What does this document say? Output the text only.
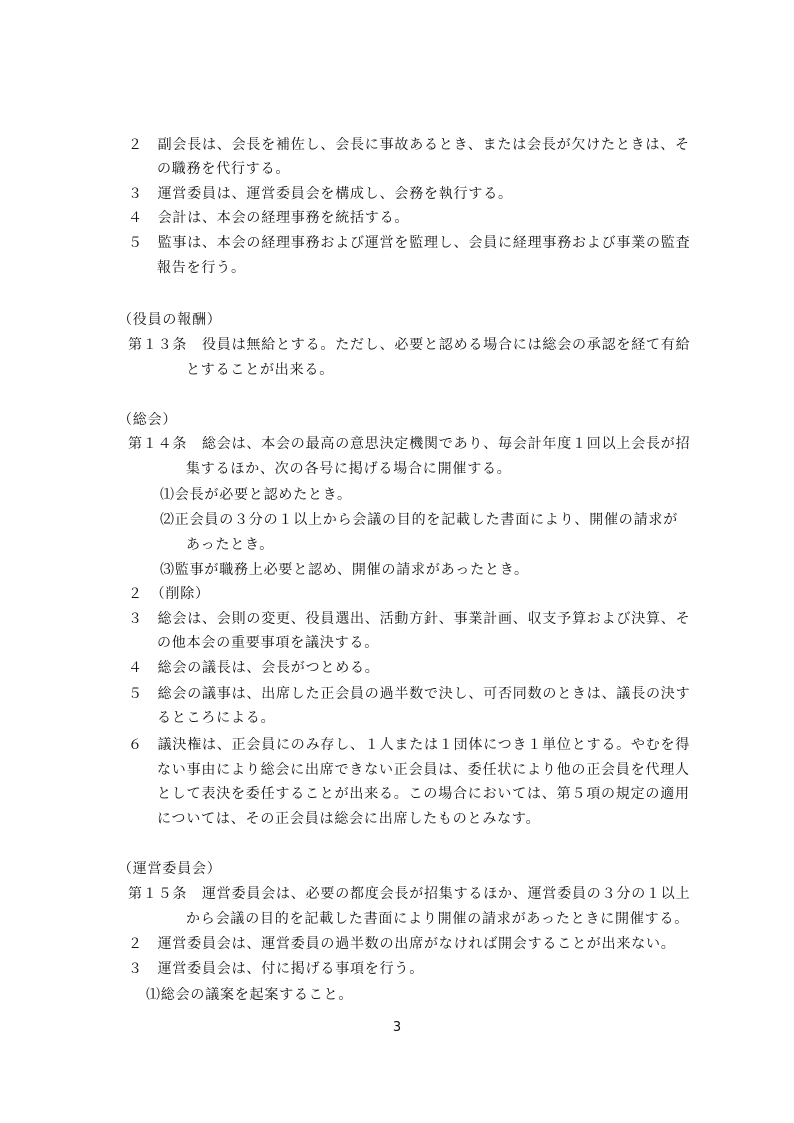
２　副会長は、会長を補佐し、会長に事故あるとき、または会長が欠けたときは、そ
の職務を代行する。
３　運営委員は、運営委員会を構成し、会務を執行する。
４　会計は、本会の経理事務を統括する。
５　監事は、本会の経理事務および運営を監理し、会員に経理事務および事業の監査
報告を行う。
（役員の報酬）
第１３条　役員は無給とする。ただし、必要と認める場合には総会の承認を経て有給
とすることが出来る。
（総会）
第１４条　総会は、本会の最高の意思決定機関であり、毎会計年度１回以上会長が招
集するほか、次の各号に掲げる場合に開催する。
⑴会長が必要と認めたとき。
⑵正会員の３分の１以上から会議の目的を記載した書面により、開催の請求が
あったとき。
⑶監事が職務上必要と認め、開催の請求があったとき。
２　（削除）
３　総会は、会則の変更、役員選出、活動方針、事業計画、収支予算および決算、そ
の他本会の重要事項を議決する。
４　総会の議長は、会長がつとめる。
５　総会の議事は、出席した正会員の過半数で決し、可否同数のときは、議長の決す
るところによる。
６　議決権は、正会員にのみ存し、１人または１団体につき１単位とする。やむを得
ない事由により総会に出席できない正会員は、委任状により他の正会員を代理人
として表決を委任することが出来る。この場合においては、第５項の規定の適用
については、その正会員は総会に出席したものとみなす。
（運営委員会）
第１５条　運営委員会は、必要の都度会長が招集するほか、運営委員の３分の１以上
から会議の目的を記載した書面により開催の請求があったときに開催する。
２　運営委員会は、運営委員の過半数の出席がなければ開会することが出来ない。
３　運営委員会は、付に掲げる事項を行う。
⑴総会の議案を起案すること。
3
